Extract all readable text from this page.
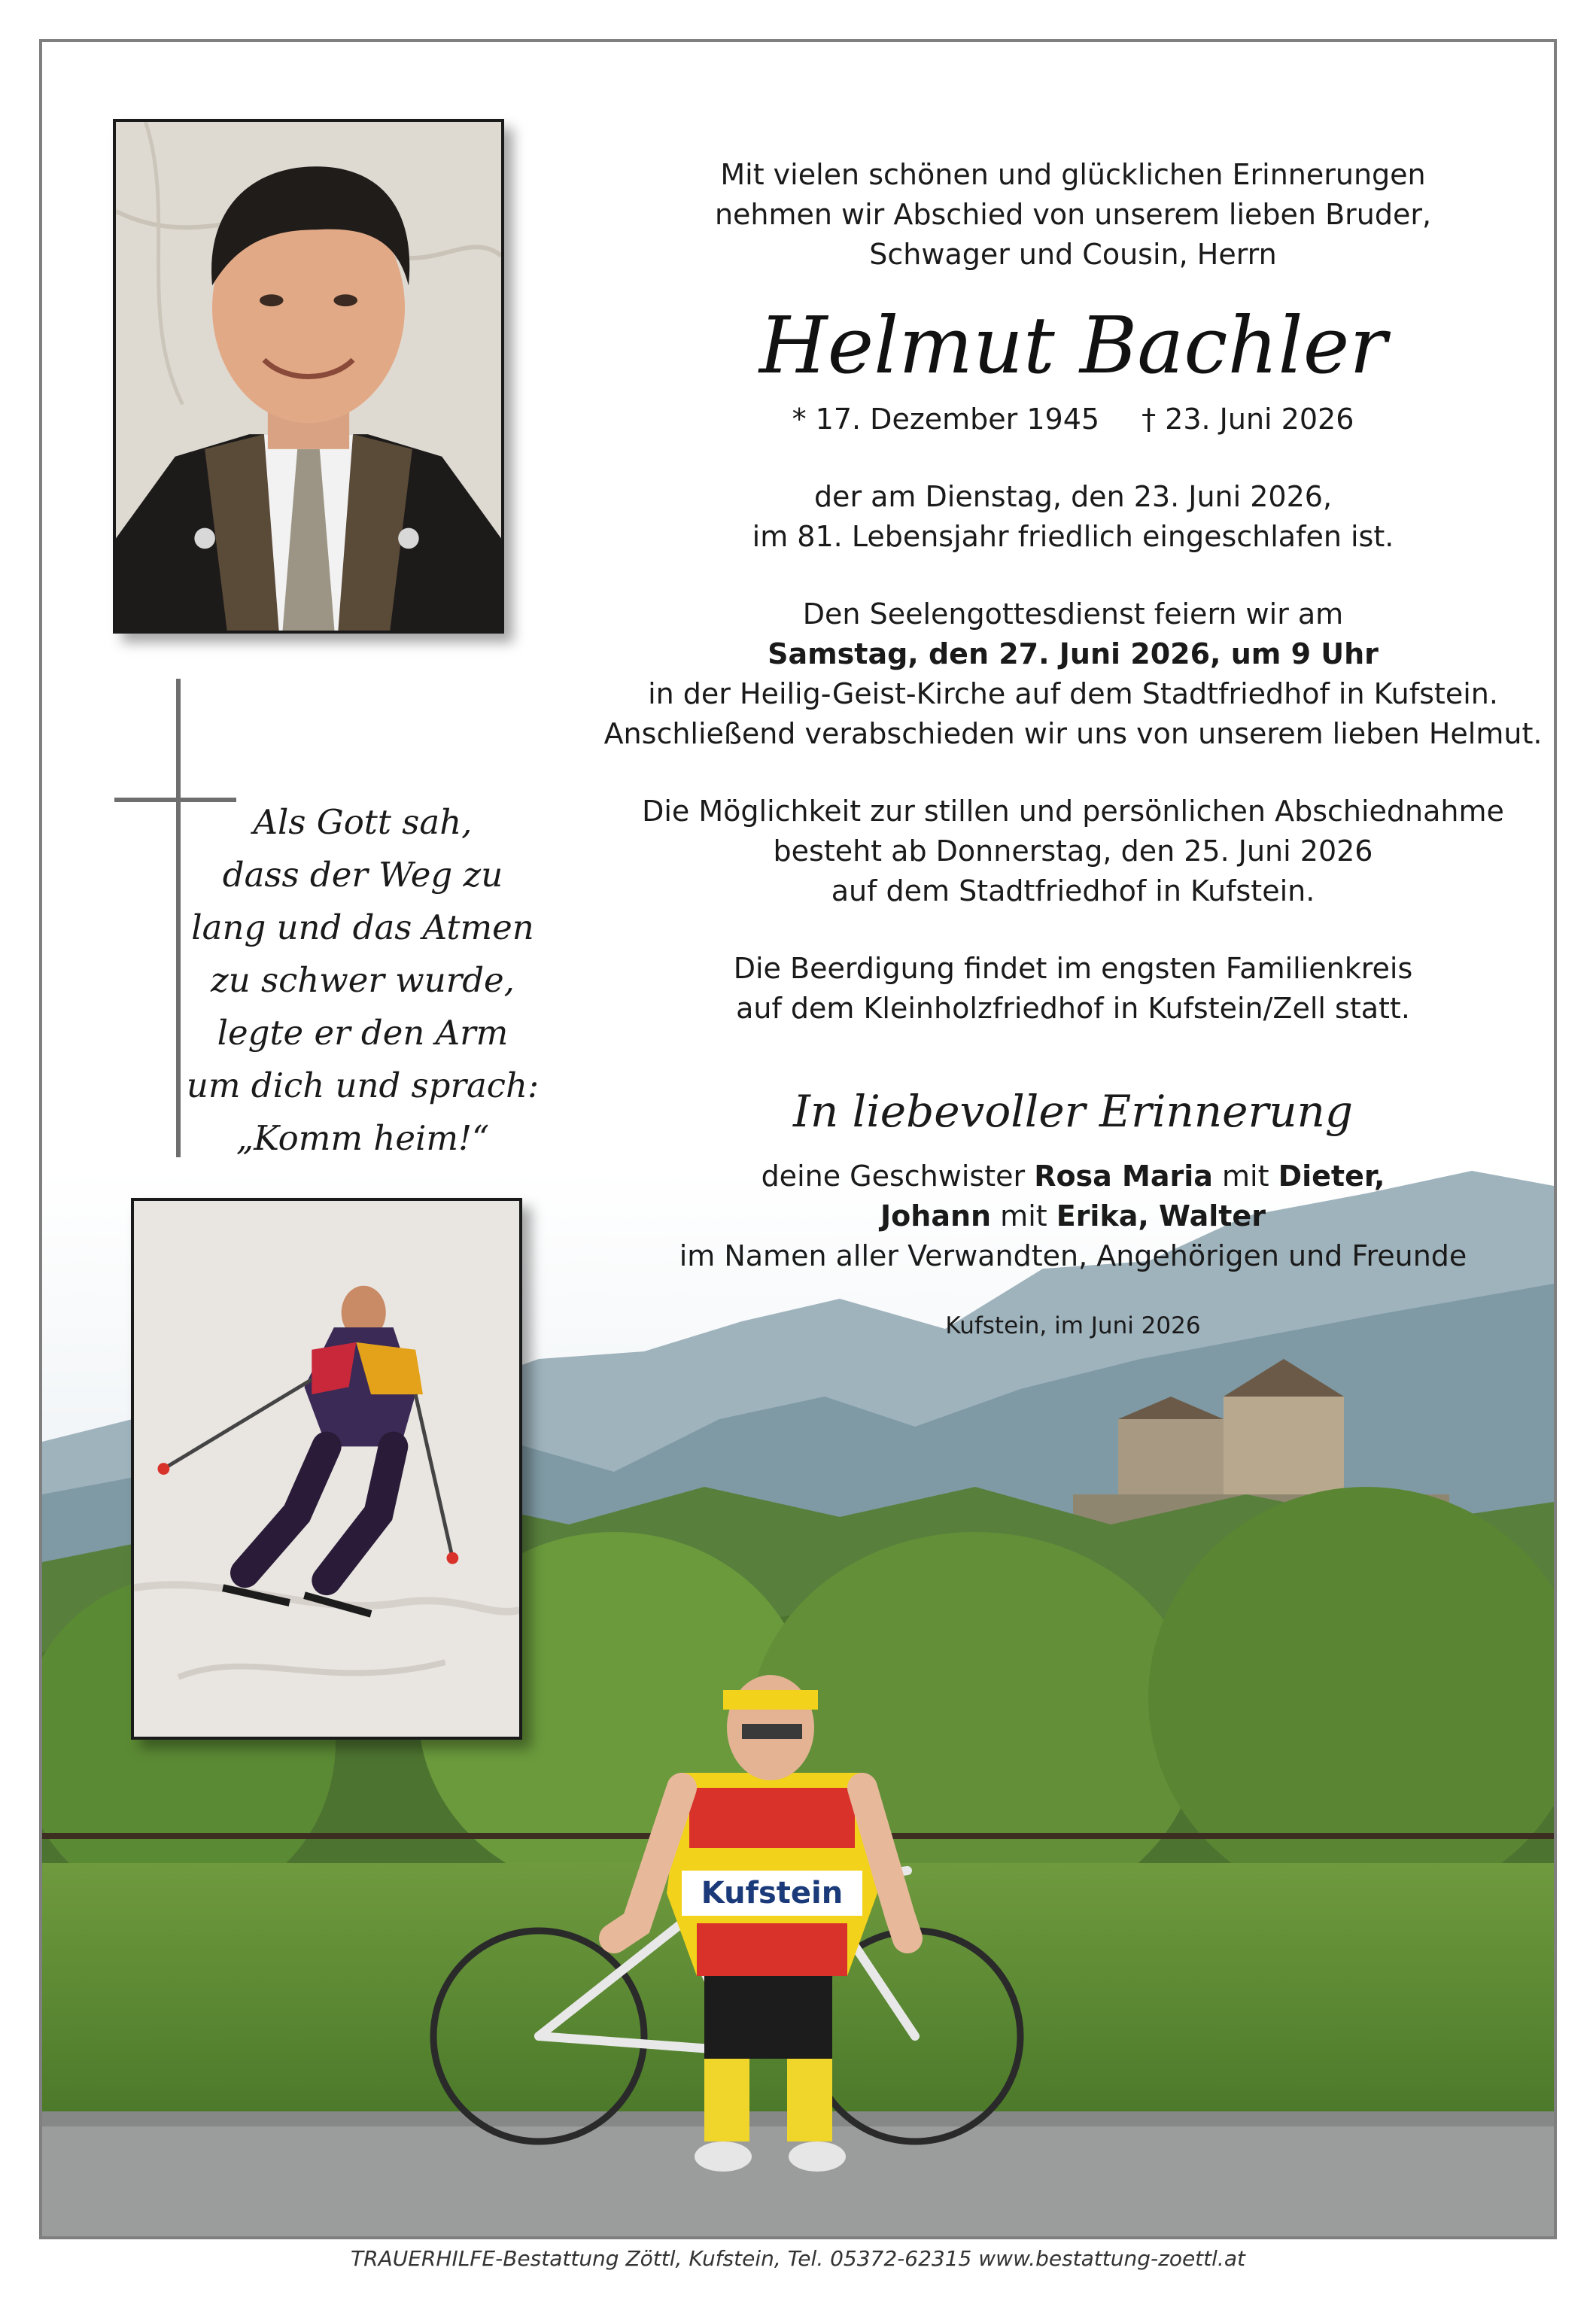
Kufstein
Als Gott sah,
dass der Weg zu
lang und das Atmen
zu schwer wurde,
legte er den Arm
um dich und sprach:
„Komm heim!“

Mit vielen schönen und glücklichen Erinnerungen

nehmen wir Abschied von unserem lieben Bruder,

Schwager und Cousin, Herrn

Helmut Bachler

* 17. Dezember 1945 † 23. Juni 2026

der am Dienstag, den 23. Juni 2026,

im 81. Lebensjahr friedlich eingeschlafen ist.

Den Seelengottesdienst feiern wir am

Samstag, den 27. Juni 2026, um 9 Uhr

in der Heilig-Geist-Kirche auf dem Stadtfriedhof in Kufstein.

Anschließend verabschieden wir uns von unserem lieben Helmut.

Die Möglichkeit zur stillen und persönlichen Abschiednahme

besteht ab Donnerstag, den 25. Juni 2026

auf dem Stadtfriedhof in Kufstein.

Die Beerdigung findet im engsten Familienkreis

auf dem Kleinholzfriedhof in Kufstein/Zell statt.

In liebevoller Erinnerung

deine Geschwister Rosa Maria mit Dieter,

Johann mit Erika, Walter

im Namen aller Verwandten, Angehörigen und Freunde

Kufstein, im Juni 2026

TRAUERHILFE-Bestattung Zöttl, Kufstein, Tel. 05372-62315 www.bestattung-zoettl.at
